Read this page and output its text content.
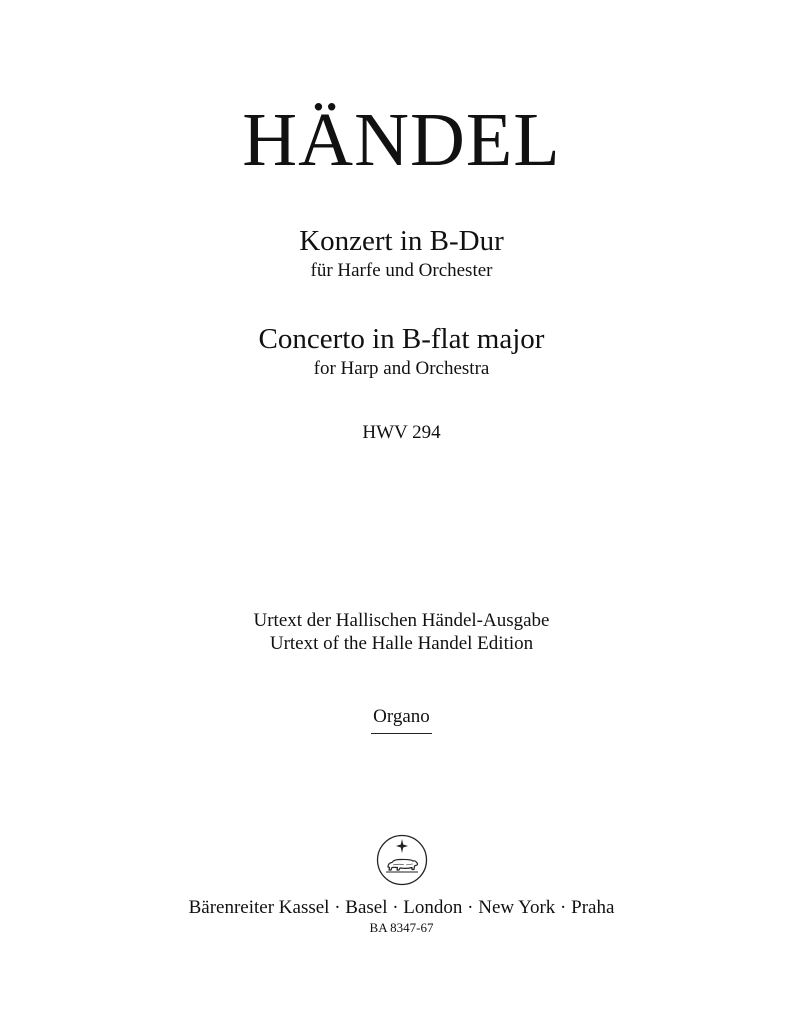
HÄNDEL
Konzert in B-Dur
für Harfe und Orchester
Concerto in B-flat major
for Harp and Orchestra
HWV 294
Urtext der Hallischen Händel-Ausgabe
Urtext of the Halle Handel Edition
Organo
Bärenreiter Kassel · Basel · London · New York · Praha
BA 8347-67
